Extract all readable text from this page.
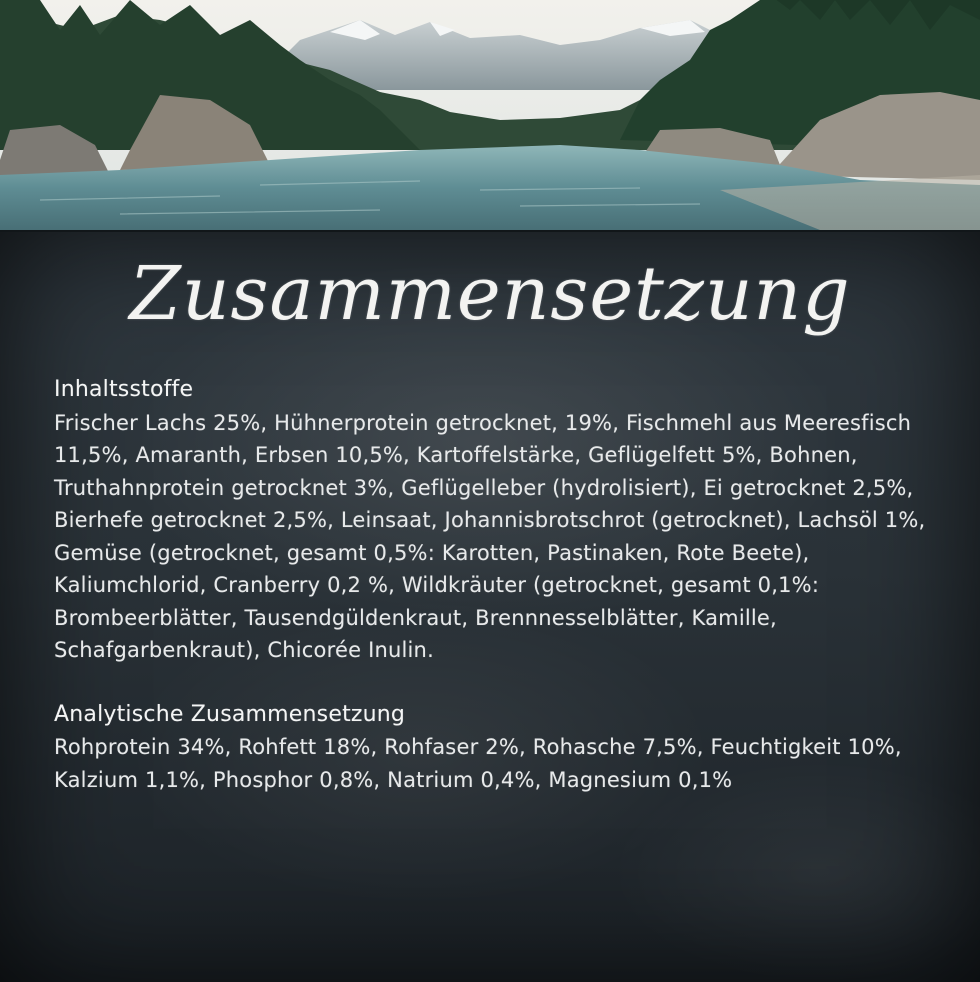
Zusammensetzung
Inhaltsstoffe
Frischer Lachs 25%, Hühnerprotein getrocknet, 19%, Fischmehl aus Meeresfisch 11,5%, Amaranth, Erbsen 10,5%, Kartoffelstärke, Geflügelfett 5%, Bohnen, Truthahnprotein getrocknet 3%, Geflügelleber (hydrolisiert), Ei getrocknet 2,5%, Bierhefe getrocknet 2,5%, Leinsaat, Johannisbrotschrot (getrocknet), Lachsöl 1%, Gemüse (getrocknet, gesamt 0,5%: Karotten, Pastinaken, Rote Beete), Kaliumchlorid, Cranberry 0,2 %, Wildkräuter (getrocknet, gesamt 0,1%: Brombeerblätter, Tausendgüldenkraut, Brennnesselblätter, Kamille, Schafgarbenkraut), Chicorée Inulin.
Analytische Zusammensetzung
Rohprotein 34%, Rohfett 18%, Rohfaser 2%, Rohasche 7,5%, Feuchtigkeit 10%, Kalzium 1,1%, Phosphor 0,8%, Natrium 0,4%, Magnesium 0,1%
